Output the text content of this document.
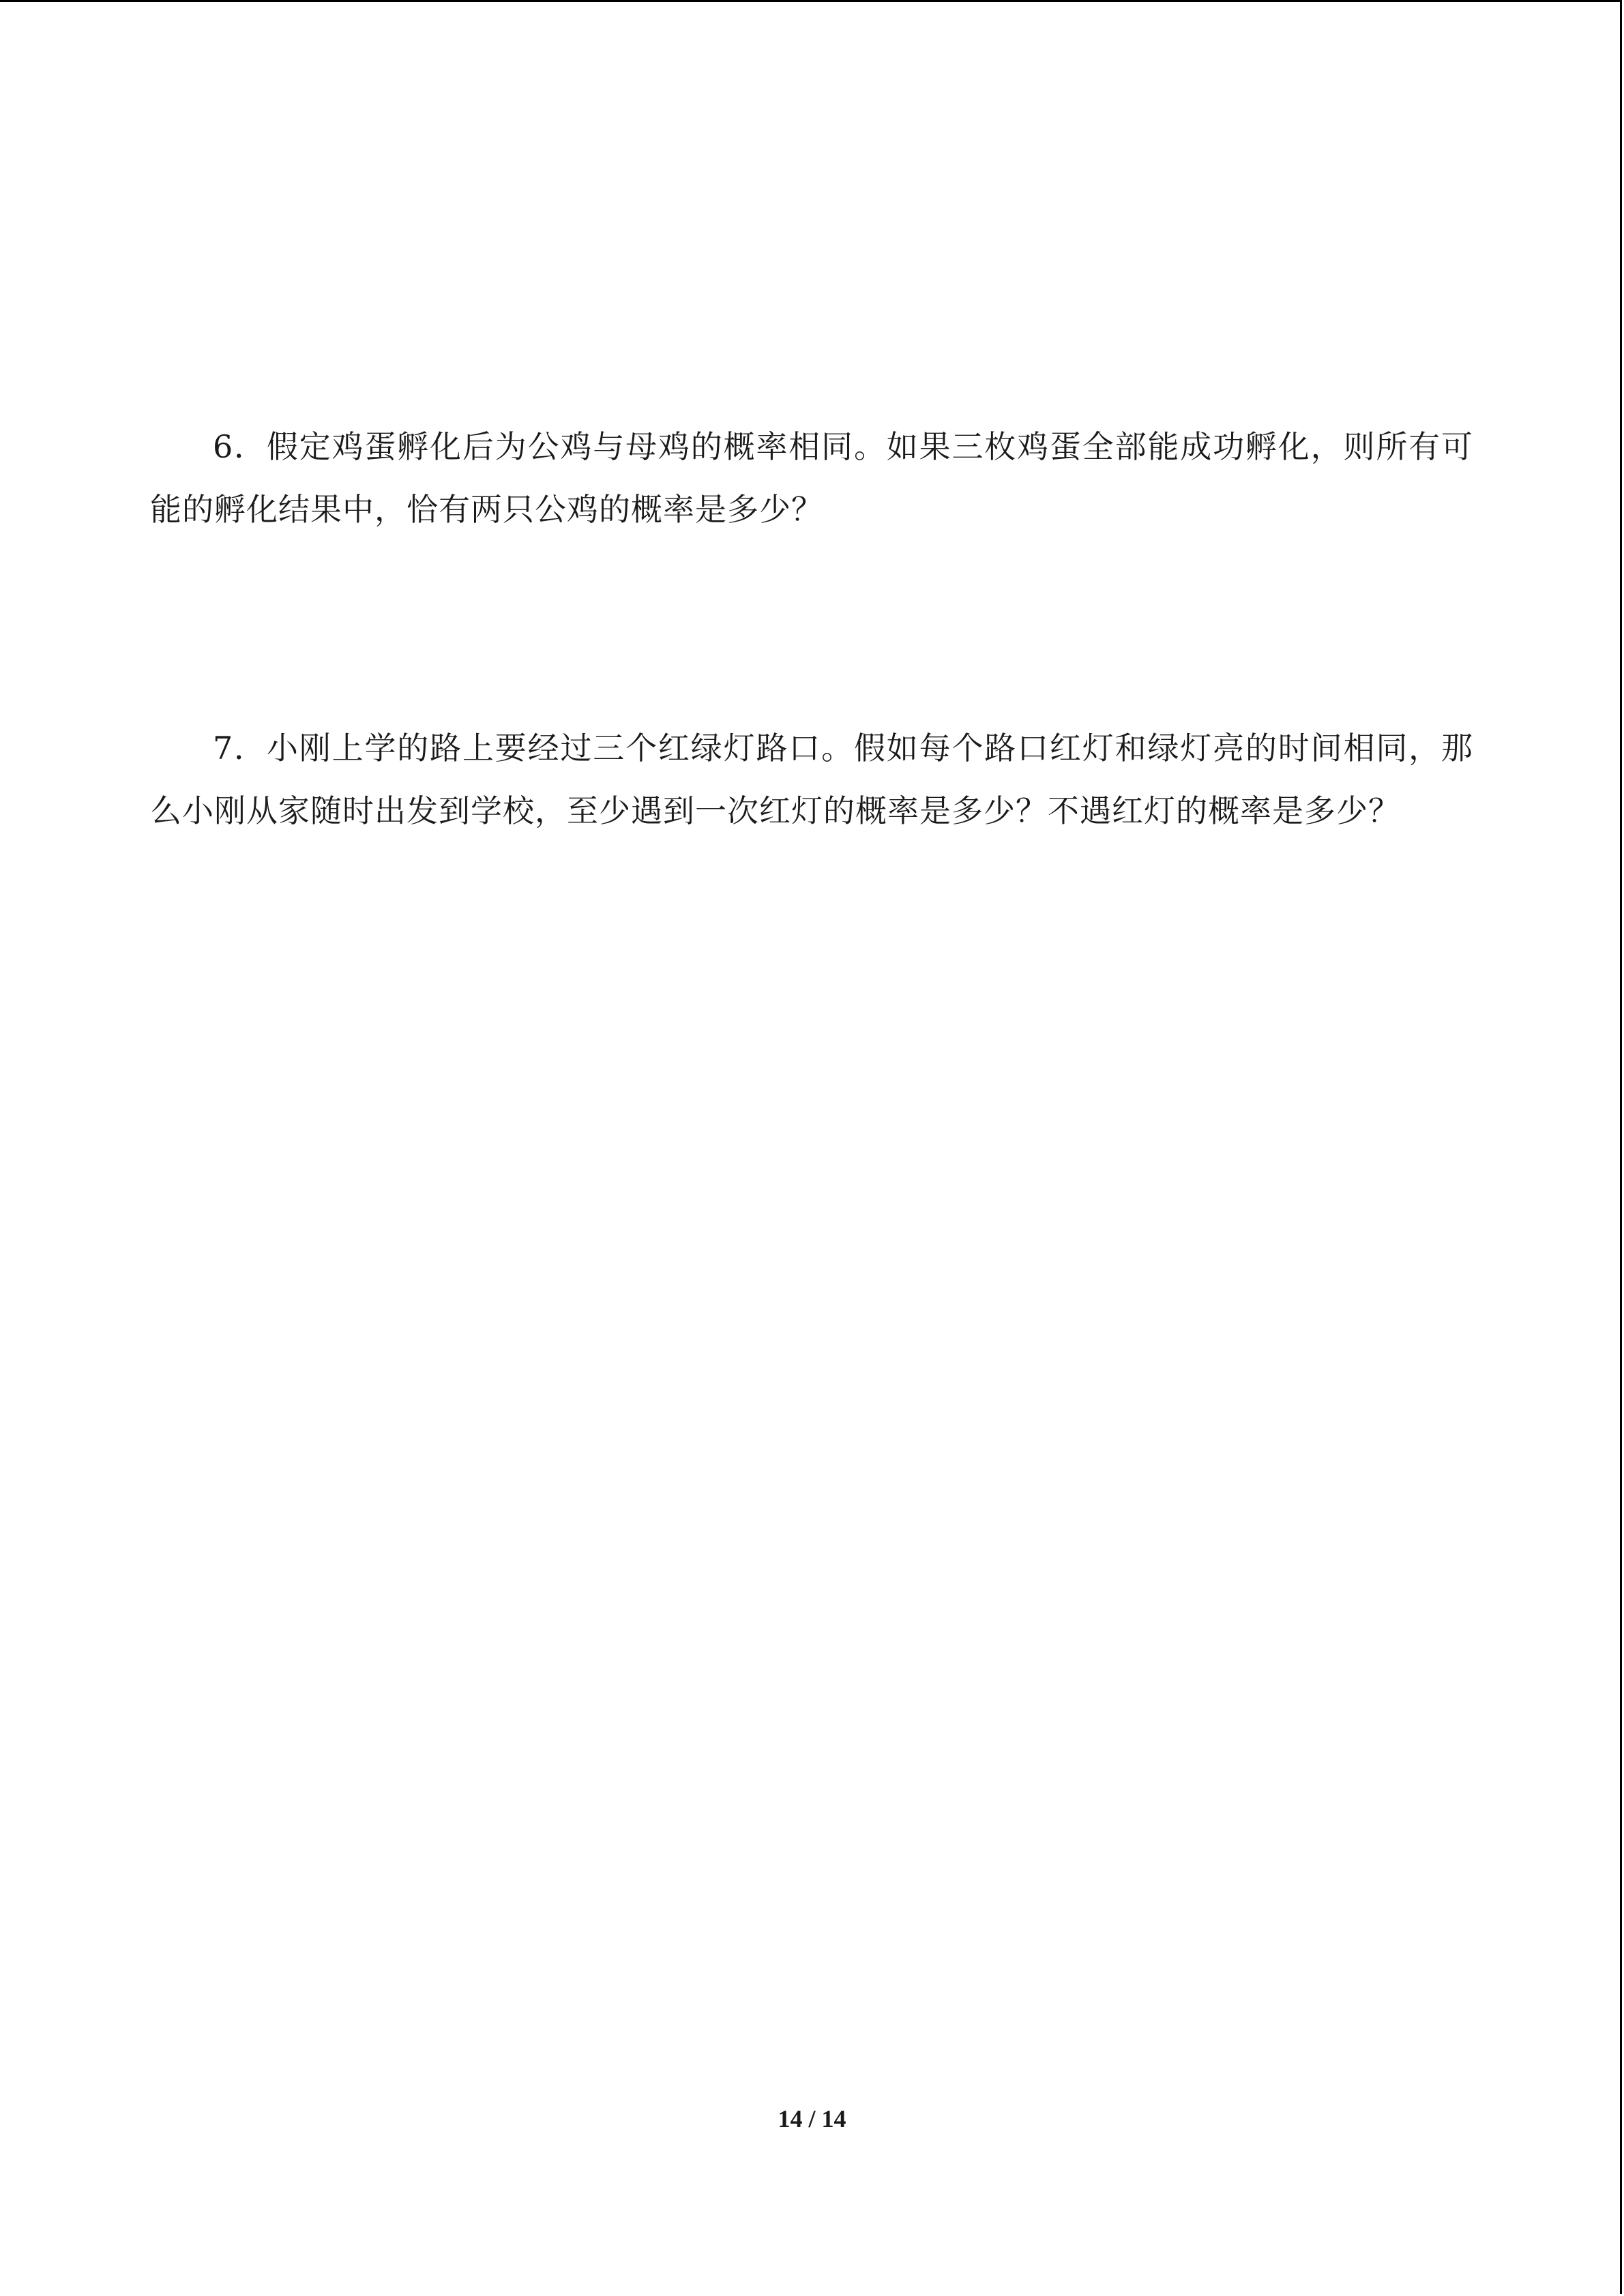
6．假定鸡蛋孵化后为公鸡与母鸡的概率相同。如果三枚鸡蛋全部能成功孵化，则所有可能的孵化结果中，恰有两只公鸡的概率是多少？

7．小刚上学的路上要经过三个红绿灯路口。假如每个路口红灯和绿灯亮的时间相同，那么小刚从家随时出发到学校，至少遇到一次红灯的概率是多少？不遇红灯的概率是多少？

14 / 14
